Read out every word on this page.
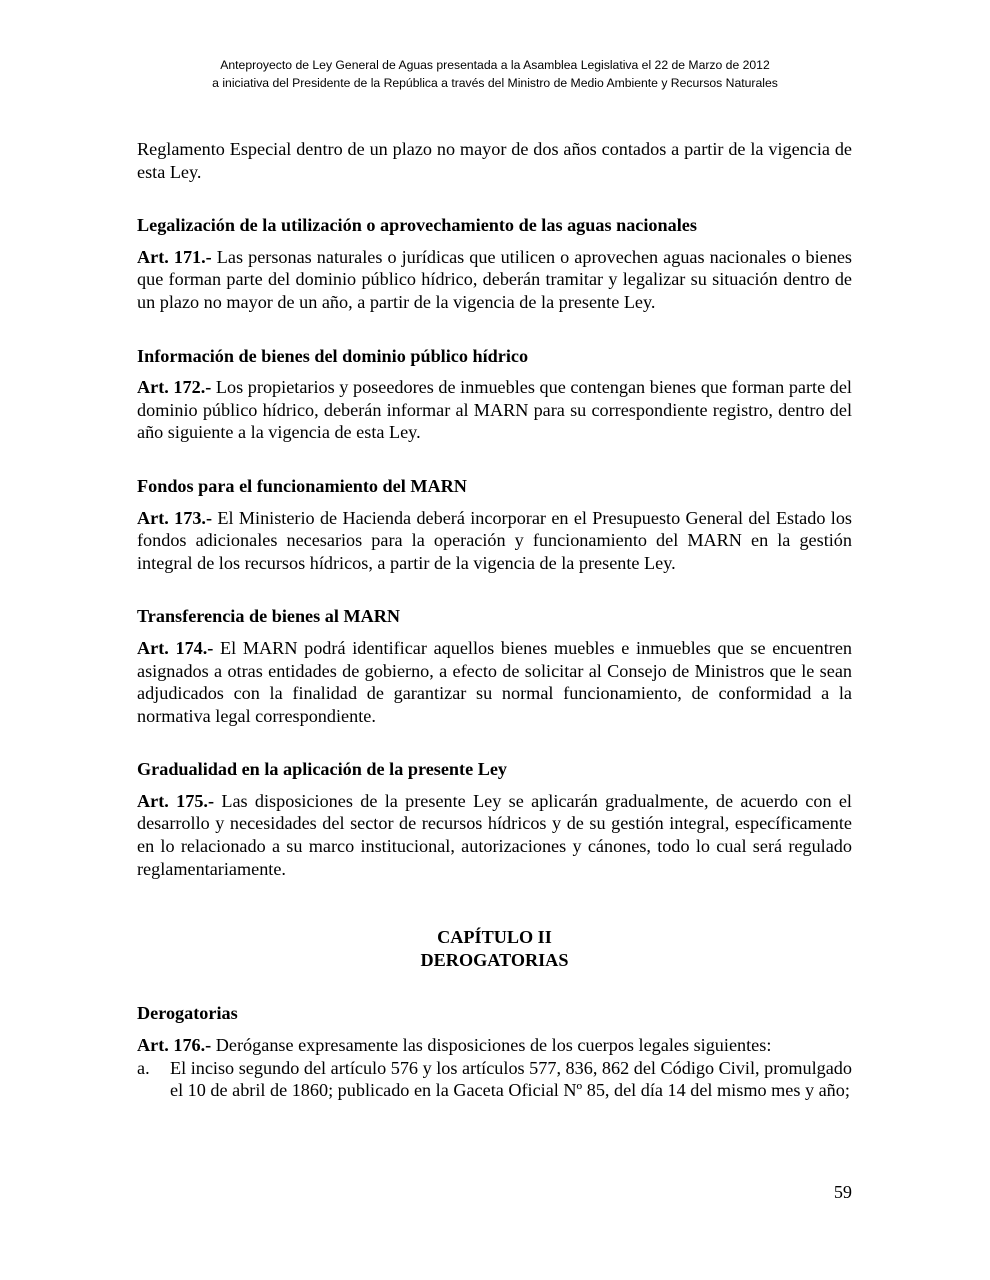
Anteproyecto de Ley General de Aguas presentada a la Asamblea Legislativa el 22 de Marzo de 2012
a iniciativa del Presidente de la República a través del Ministro de Medio Ambiente y Recursos Naturales

Reglamento Especial dentro de un plazo no mayor de dos años contados a partir de la vigencia de esta Ley.

Legalización de la utilización o aprovechamiento de las aguas nacionales

Art. 171.- Las personas naturales o jurídicas que utilicen o aprovechen aguas nacionales o bienes que forman parte del dominio público hídrico, deberán tramitar y legalizar su situación dentro de un plazo no mayor de un año, a partir de la vigencia de la presente Ley.

Información de bienes del dominio público hídrico

Art. 172.- Los propietarios y poseedores de inmuebles que contengan bienes que forman parte del dominio público hídrico, deberán informar al MARN para su correspondiente registro, dentro del año siguiente a la vigencia de esta Ley.

Fondos para el funcionamiento del MARN

Art. 173.- El Ministerio de Hacienda deberá incorporar en el Presupuesto General del Estado los fondos adicionales necesarios para la operación y funcionamiento del MARN en la gestión integral de los recursos hídricos, a partir de la vigencia de la presente Ley.

Transferencia de bienes al MARN

Art. 174.- El MARN podrá identificar aquellos bienes muebles e inmuebles que se encuentren asignados a otras entidades de gobierno, a efecto de solicitar al Consejo de Ministros que le sean adjudicados con la finalidad de garantizar su normal funcionamiento, de conformidad a la normativa legal correspondiente.

Gradualidad en la aplicación de la presente Ley

Art. 175.- Las disposiciones de la presente Ley se aplicarán gradualmente, de acuerdo con el desarrollo y necesidades del sector de recursos hídricos y de su gestión integral, específicamente en lo relacionado a su marco institucional, autorizaciones y cánones, todo lo cual será regulado reglamentariamente.

CAPÍTULO II
DEROGATORIAS
Derogatorias

Art. 176.- Deróganse expresamente las disposiciones de los cuerpos legales siguientes:

a.	El inciso segundo del artículo 576 y los artículos 577, 836, 862 del Código Civil, promulgado el 10 de abril de 1860; publicado en la Gaceta Oficial Nº 85, del día 14 del mismo mes y año;
59
